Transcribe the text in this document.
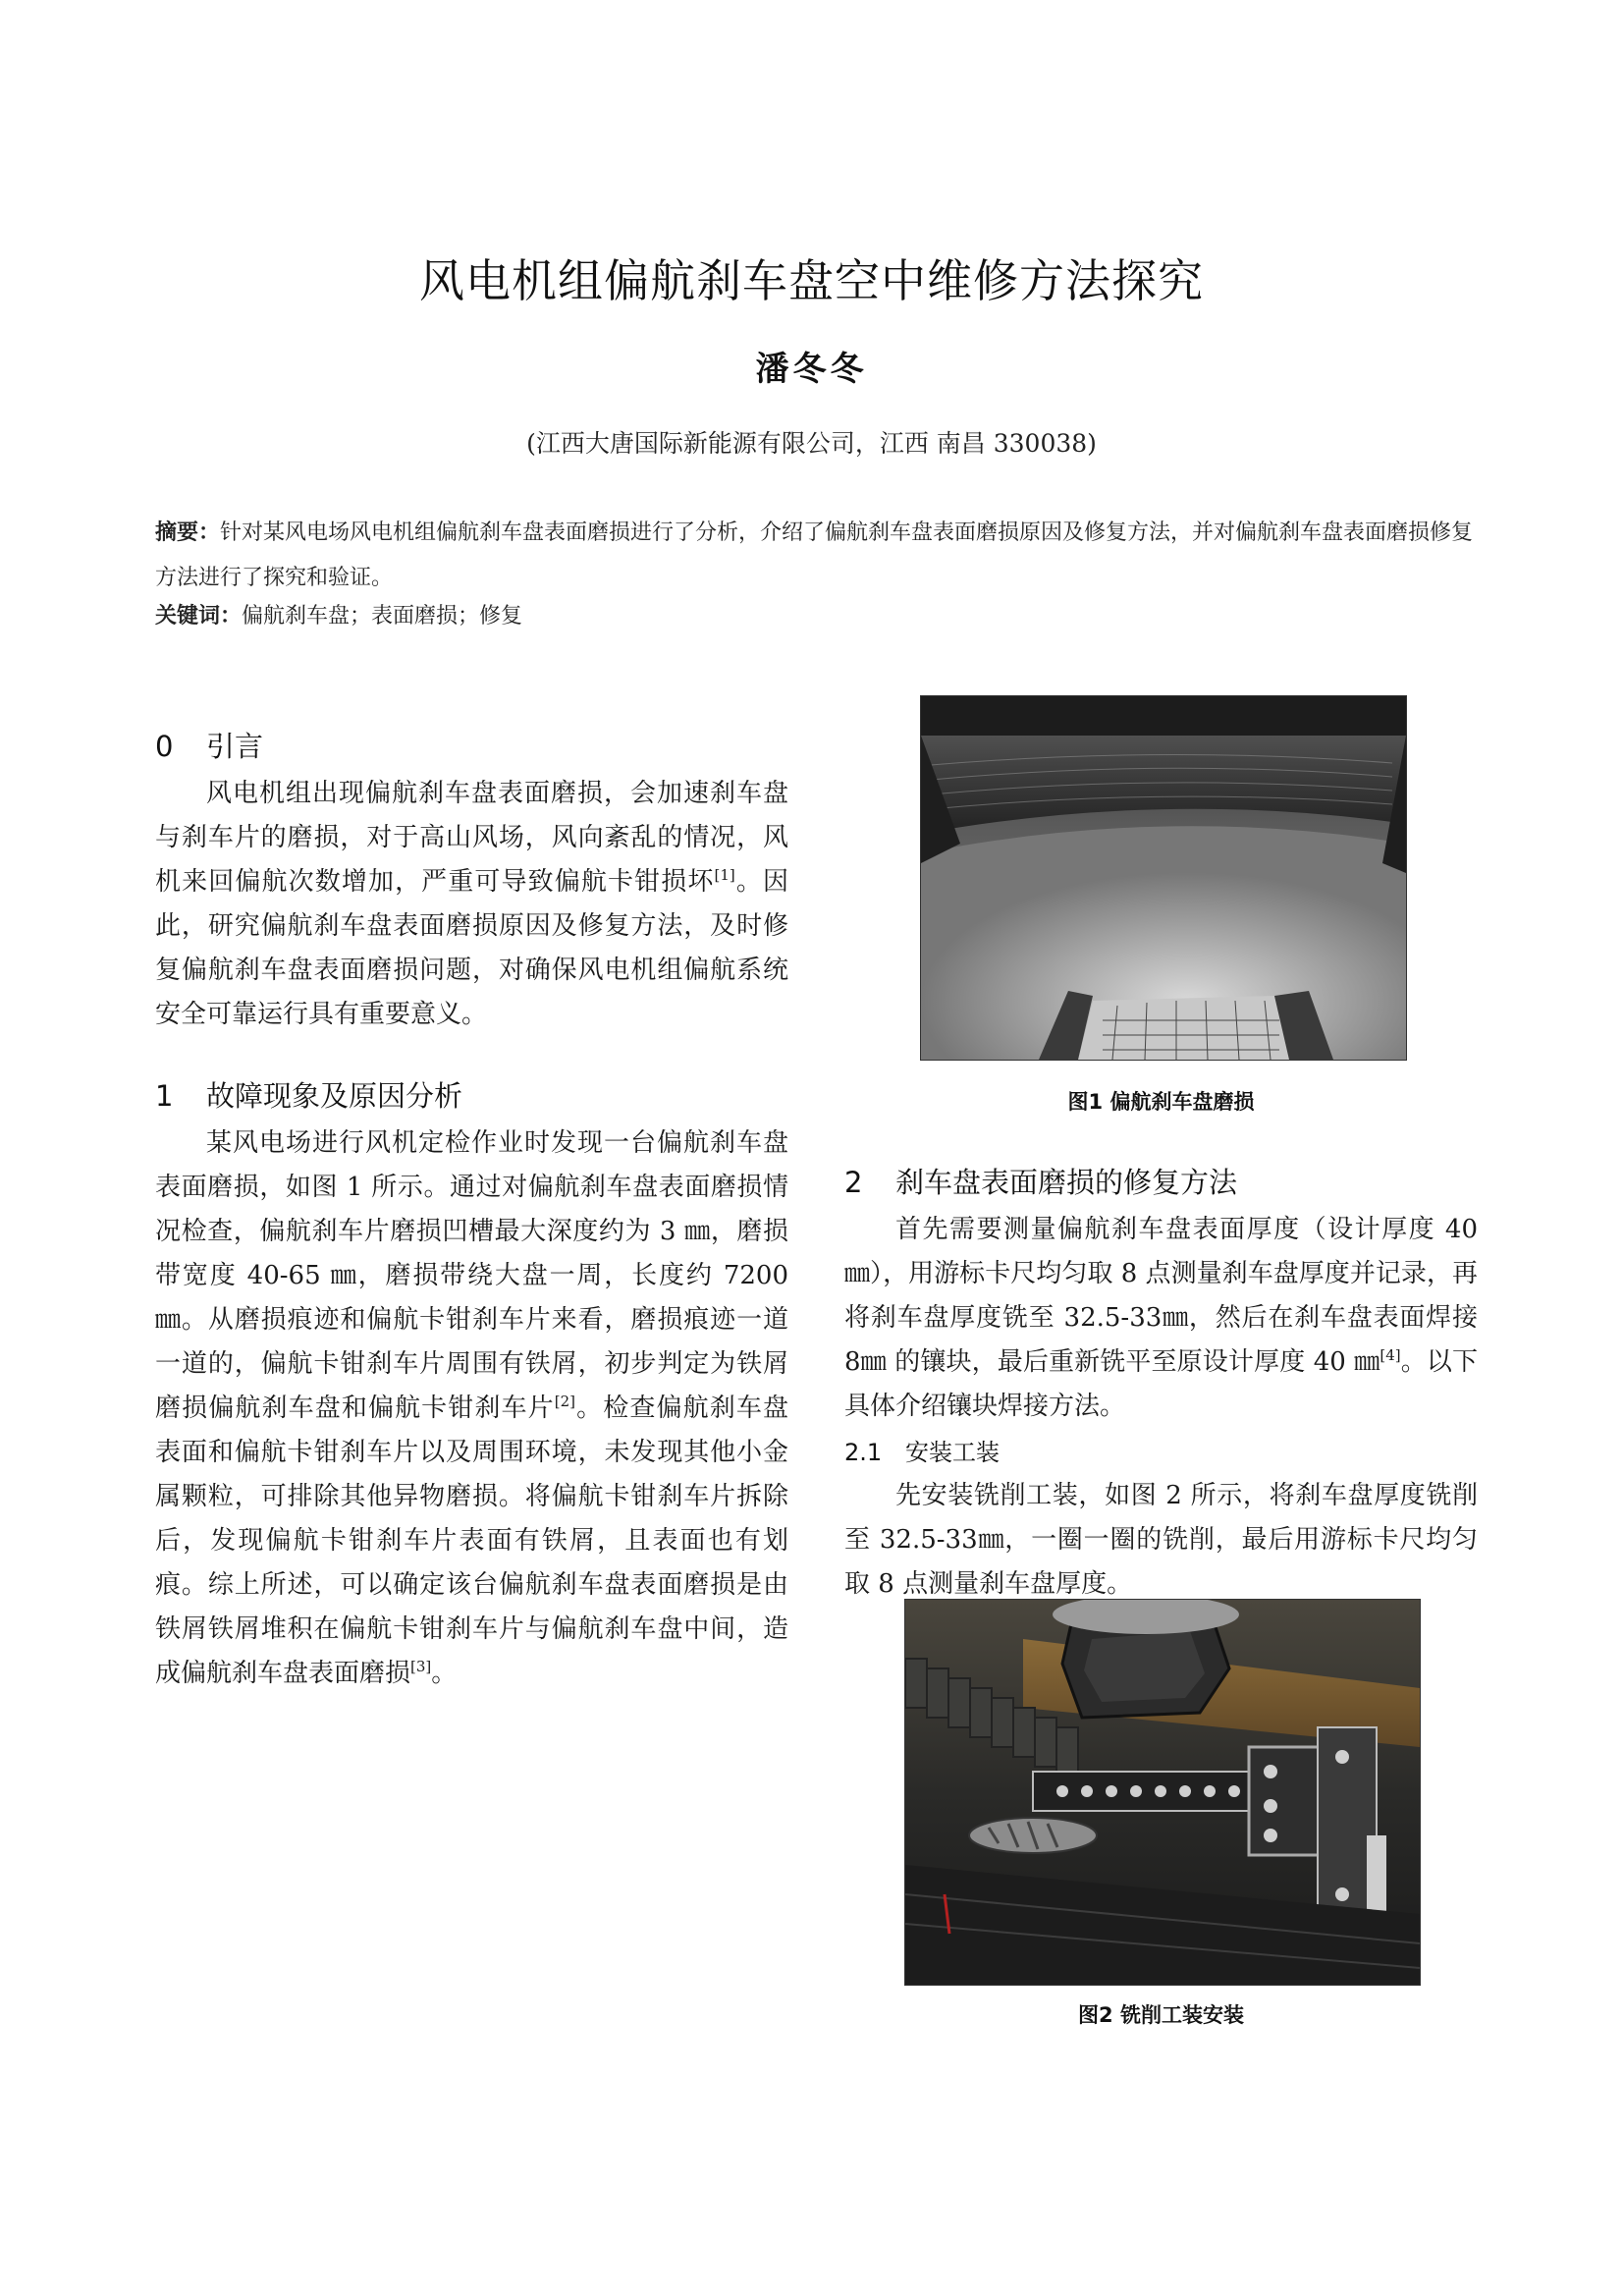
风电机组偏航刹车盘空中维修方法探究
潘冬冬
(江西大唐国际新能源有限公司，江西 南昌 330038)
摘要：针对某风电场风电机组偏航刹车盘表面磨损进行了分析，介绍了偏航刹车盘表面磨损原因及修复方法，并对偏航刹车盘表面磨损修复方法进行了探究和验证。
关键词：偏航刹车盘；表面磨损；修复
0 引言

风电机组出现偏航刹车盘表面磨损，会加速刹车盘与刹车片的磨损，对于高山风场，风向紊乱的情况，风机来回偏航次数增加，严重可导致偏航卡钳损坏[1]。因此，研究偏航刹车盘表面磨损原因及修复方法，及时修复偏航刹车盘表面磨损问题，对确保风电机组偏航系统安全可靠运行具有重要意义。

1 故障现象及原因分析

某风电场进行风机定检作业时发现一台偏航刹车盘表面磨损，如图 1 所示。通过对偏航刹车盘表面磨损情况检查，偏航刹车片磨损凹槽最大深度约为 3 ㎜，磨损带宽度 40-65 ㎜，磨损带绕大盘一周，长度约 7200 ㎜。从磨损痕迹和偏航卡钳刹车片来看，磨损痕迹一道一道的，偏航卡钳刹车片周围有铁屑，初步判定为铁屑磨损偏航刹车盘和偏航卡钳刹车片[2]。检查偏航刹车盘表面和偏航卡钳刹车片以及周围环境，未发现其他小金属颗粒，可排除其他异物磨损。将偏航卡钳刹车片拆除后，发现偏航卡钳刹车片表面有铁屑，且表面也有划痕。综上所述，可以确定该台偏航刹车盘表面磨损是由铁屑铁屑堆积在偏航卡钳刹车片与偏航刹车盘中间，造成偏航刹车盘表面磨损[3]。

图1 偏航刹车盘磨损
2 刹车盘表面磨损的修复方法

首先需要测量偏航刹车盘表面厚度（设计厚度 40 ㎜），用游标卡尺均匀取 8 点测量刹车盘厚度并记录，再将刹车盘厚度铣至 32.5-33㎜，然后在刹车盘表面焊接 8㎜ 的镶块，最后重新铣平至原设计厚度 40 ㎜[4]。以下具体介绍镶块焊接方法。

2.1 安装工装

先安装铣削工装，如图 2 所示，将刹车盘厚度铣削至 32.5-33㎜，一圈一圈的铣削，最后用游标卡尺均匀取 8 点测量刹车盘厚度。

图2 铣削工装安装
